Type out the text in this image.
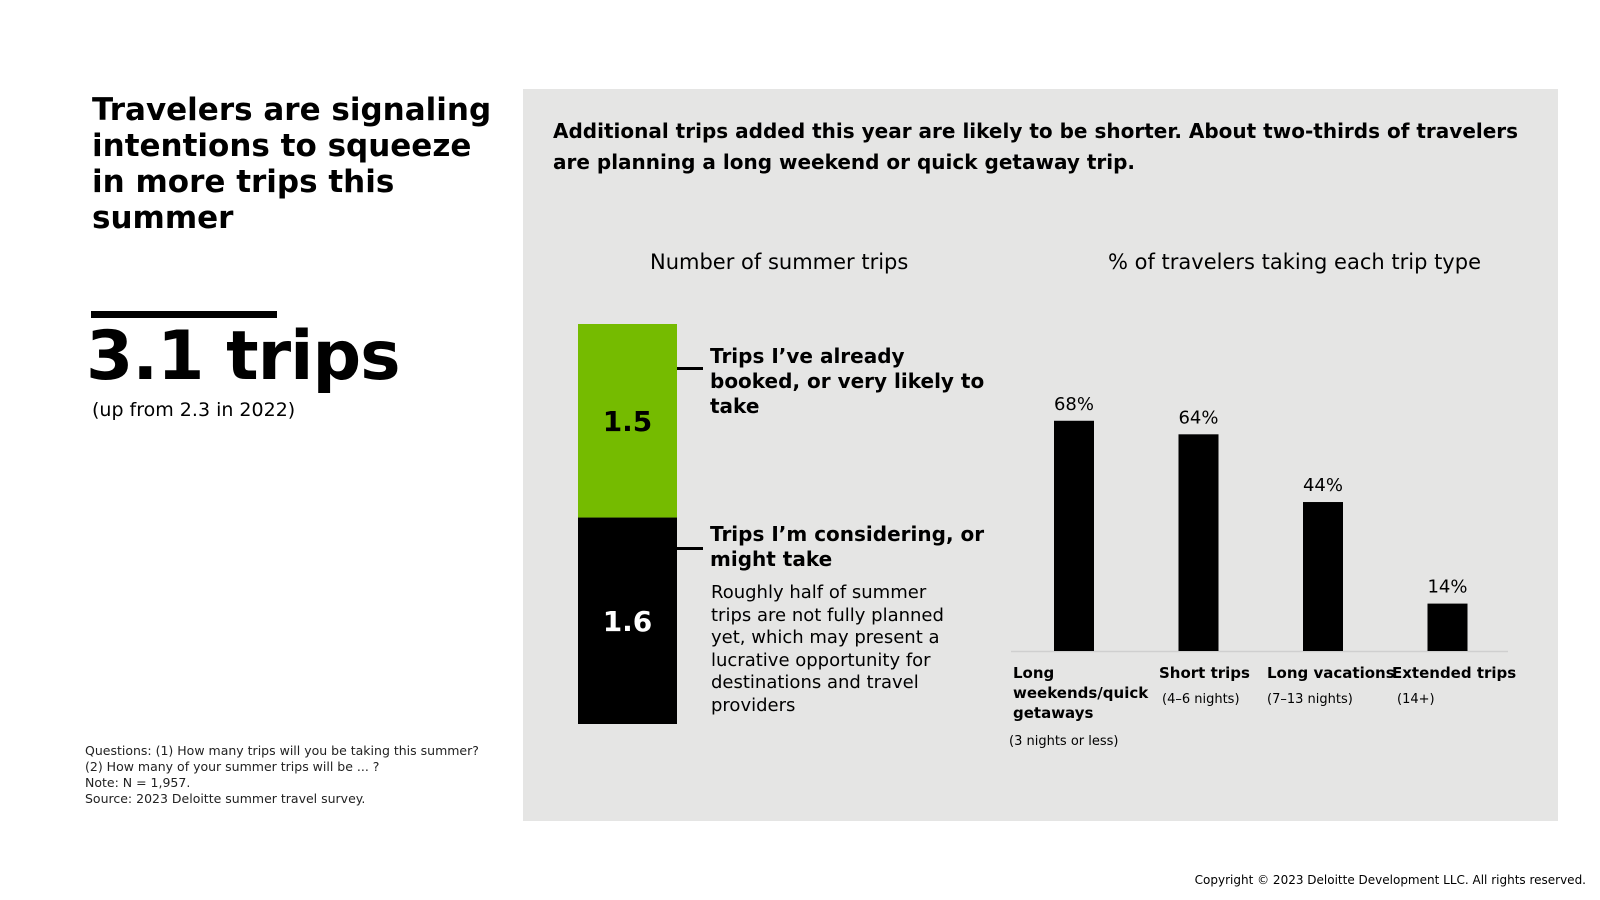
Travelers are signaling intentions to squeeze in more trips this summer
3.1 trips
(up from 2.3 in 2022)
Questions: (1) How many trips will you be taking this summer?
(2) How many of your summer trips will be ... ?
Note: N = 1,957.
Source: 2023 Deloitte summer travel survey.
Additional trips added this year are likely to be shorter. About two-thirds of travelers are planning a long weekend or quick getaway trip.
Number of summer trips	% of travelers taking each trip type
Trips I’ve already booked, or very likely to take
Trips I’m considering, or might take
Roughly half of summer trips are not fully planned yet, which may present a lucrative opportunity for destinations and travel providers
Long weekends/quick getaways
(3 nights or less)
Short trips
(4–6 nights)
Long vacations
(7–13 nights)
Extended trips
(14+)
1.5
1.6
68%
64%
44%
14%
Copyright © 2023 Deloitte Development LLC. All rights reserved.
